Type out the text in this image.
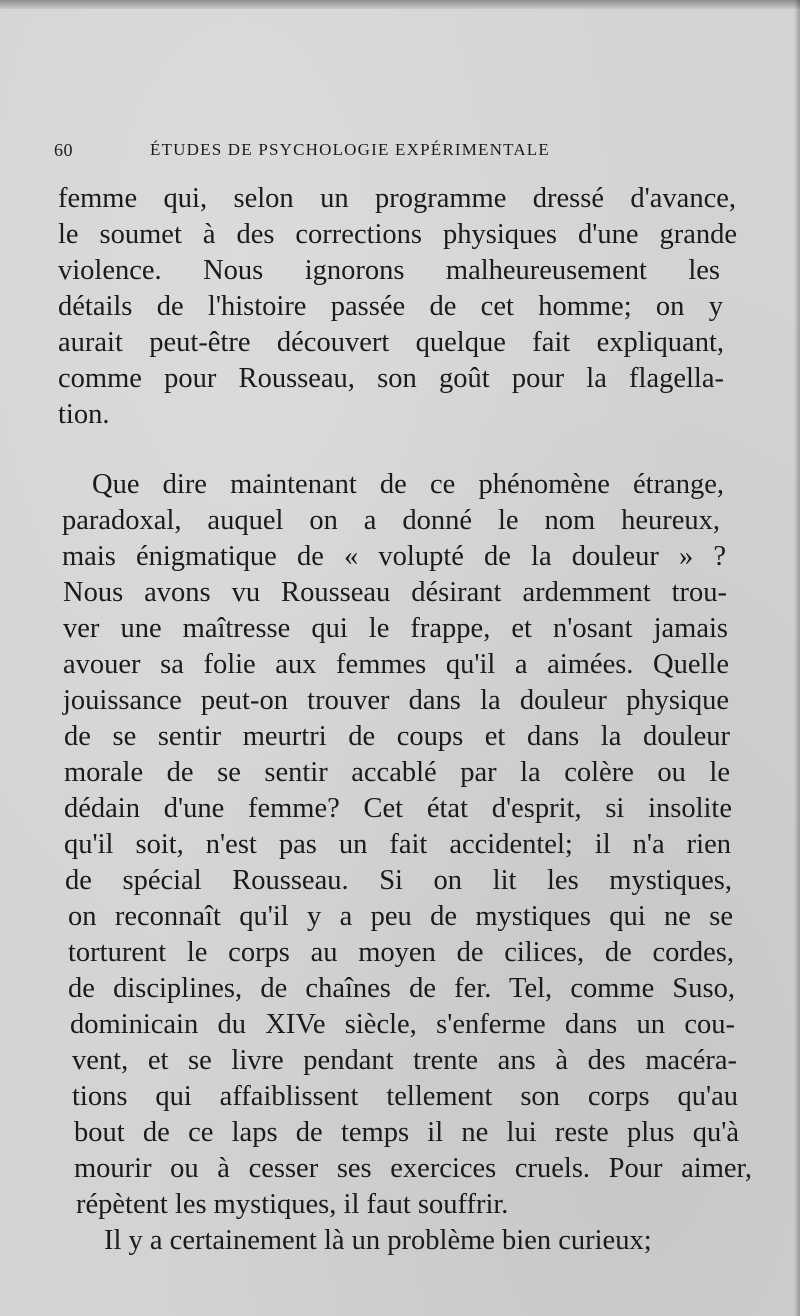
60	ÉTUDES DE PSYCHOLOGIE EXPÉRIMENTALE
femme qui, selon un programme dressé d'avance,
le soumet à des corrections physiques d'une grande
violence. Nous ignorons malheureusement les
détails de l'histoire passée de cet homme; on y
aurait peut-être découvert quelque fait expliquant,
comme pour Rousseau, son goût pour la flagella-
tion.
Que dire maintenant de ce phénomène étrange,
paradoxal, auquel on a donné le nom heureux,
mais énigmatique de « volupté de la douleur » ?
Nous avons vu Rousseau désirant ardemment trou-
ver une maîtresse qui le frappe, et n'osant jamais
avouer sa folie aux femmes qu'il a aimées. Quelle
jouissance peut-on trouver dans la douleur physique
de se sentir meurtri de coups et dans la douleur
morale de se sentir accablé par la colère ou le
dédain d'une femme? Cet état d'esprit, si insolite
qu'il soit, n'est pas un fait accidentel; il n'a rien
de spécial Rousseau. Si on lit les mystiques,
on reconnaît qu'il y a peu de mystiques qui ne se
torturent le corps au moyen de cilices, de cordes,
de disciplines, de chaînes de fer. Tel, comme Suso,
dominicain du XIVe siècle, s'enferme dans un cou-
vent, et se livre pendant trente ans à des macéra-
tions qui affaiblissent tellement son corps qu'au
bout de ce laps de temps il ne lui reste plus qu'à
mourir ou à cesser ses exercices cruels. Pour aimer,
répètent les mystiques, il faut souffrir.
Il y a certainement là un problème bien curieux;
